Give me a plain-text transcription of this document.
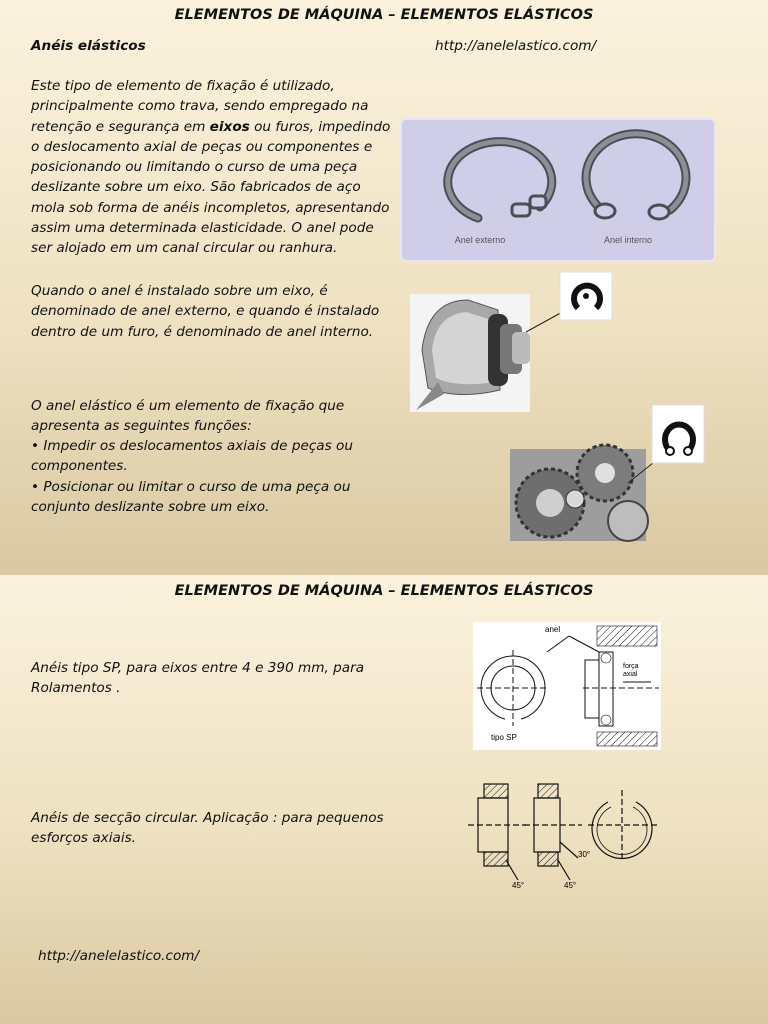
ELEMENTOS DE MÁQUINA – ELEMENTOS ELÁSTICOS
Anéis elásticos	http://anelelastico.com/
Este tipo de elemento de fixação é utilizado, principalmente como trava, sendo empregado na retenção e segurança em eixos ou furos, impedindo o deslocamento axial de peças ou componentes e posicionando ou limitando o curso de uma peça deslizante sobre um eixo. São fabricados de aço mola sob forma de anéis incompletos, apresentando assim uma determinada elasticidade. O anel pode ser alojado em um canal circular ou ranhura.
Quando o anel é instalado sobre um eixo, é denominado de anel externo, e quando é instalado dentro de um furo, é denominado de anel interno.
O anel elástico é um elemento de fixação que apresenta as seguintes funções:
• Impedir os deslocamentos axiais de peças ou componentes.
• Posicionar ou limitar o curso de uma peça ou conjunto deslizante sobre um eixo.
Anel externo	Anel interno
ELEMENTOS DE MÁQUINA – ELEMENTOS ELÁSTICOS
Anéis tipo SP, para eixos entre 4 e 390 mm, para Rolamentos .
Anéis de secção circular. Aplicação : para pequenos esforços axiais.
http://anelelastico.com/
anel
força
axial
tipo SP
30°
45°	45°
